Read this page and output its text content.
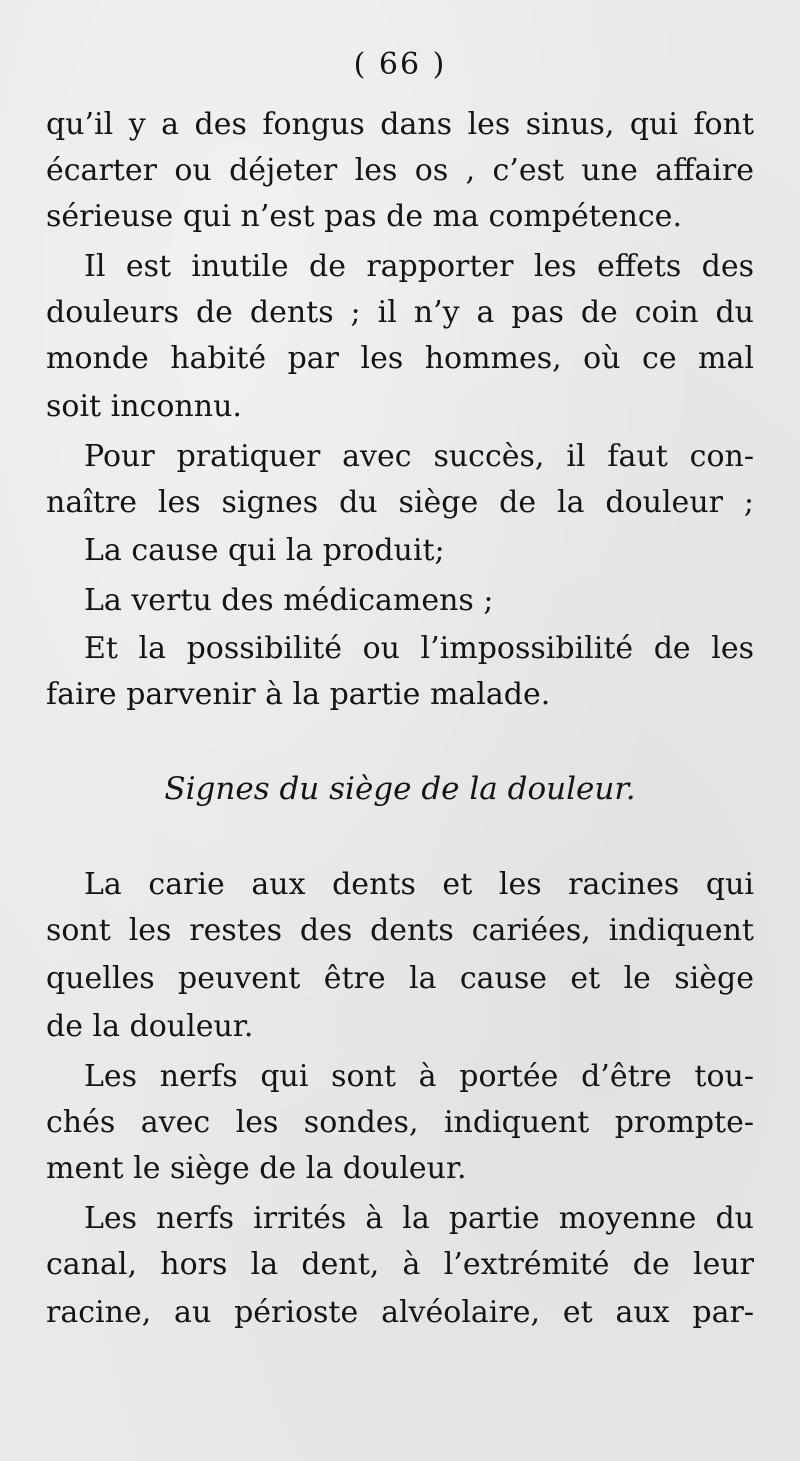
( 66 )
qu’il y a des fongus dans les sinus, qui font
écarter ou déjeter les os , c’est une affaire
sérieuse qui n’est pas de ma compétence.
Il est inutile de rapporter les effets des
douleurs de dents ; il n’y a pas de coin du
monde habité par les hommes, où ce mal
soit inconnu.
Pour pratiquer avec succès, il faut con-
naître les signes du siège de la douleur ;
La cause qui la produit;
La vertu des médicamens ;
Et la possibilité ou l’impossibilité de les
faire parvenir à la partie malade.
Signes du siège de la douleur.
La carie aux dents et les racines qui
sont les restes des dents cariées, indiquent
quelles peuvent être la cause et le siège
de la douleur.
Les nerfs qui sont à portée d’être tou-
chés avec les sondes, indiquent prompte-
ment le siège de la douleur.
Les nerfs irrités à la partie moyenne du
canal, hors la dent, à l’extrémité de leur
racine, au périoste alvéolaire, et aux par-
